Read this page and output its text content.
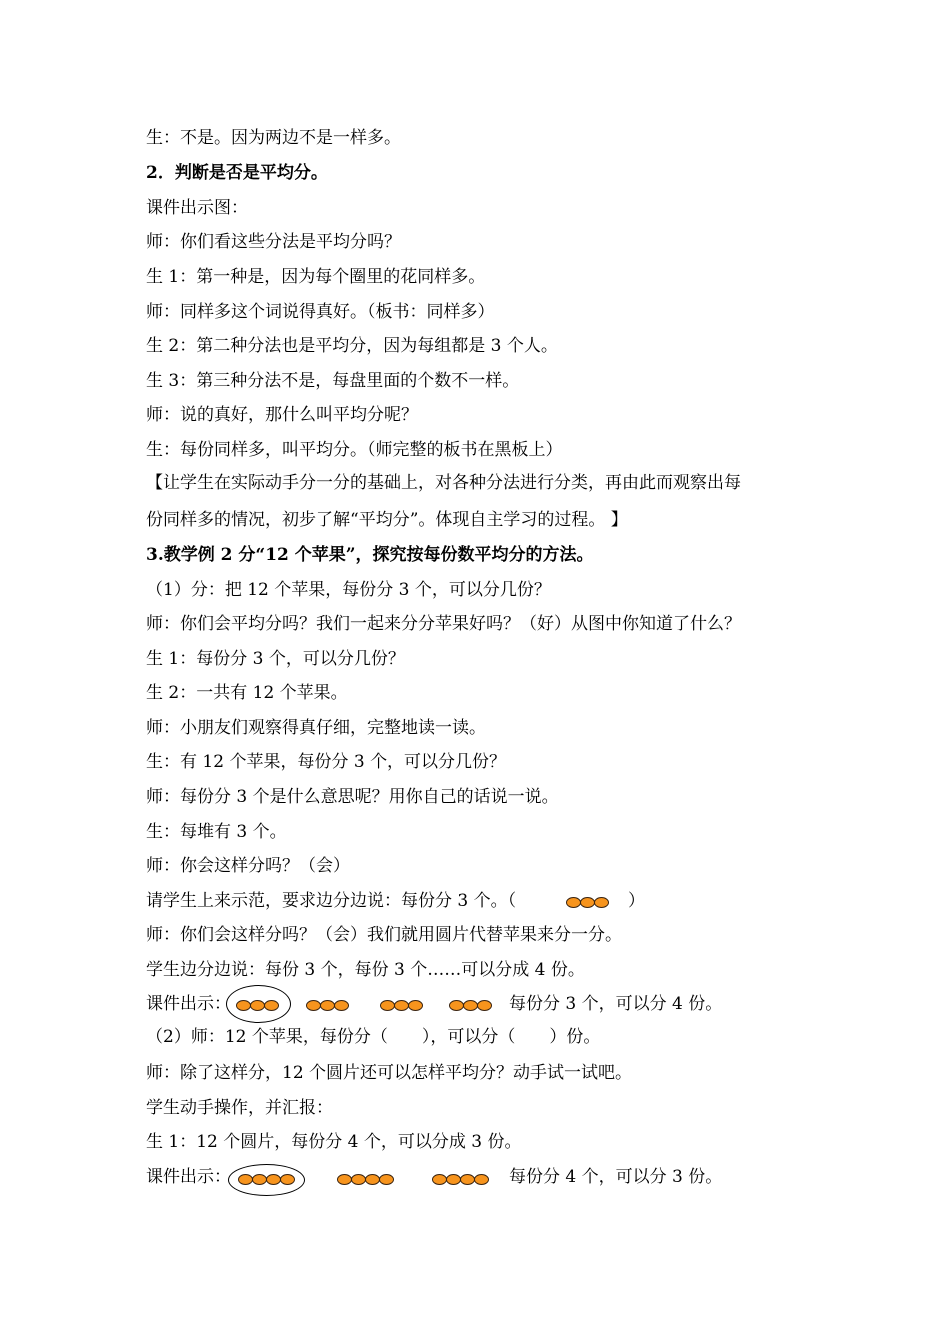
生：不是。因为两边不是一样多。
2．判断是否是平均分。
课件出示图：
师：你们看这些分法是平均分吗？
生 1：第一种是，因为每个圈里的花同样多。
师：同样多这个词说得真好。（板书：同样多）
生 2：第二种分法也是平均分，因为每组都是 3 个人。
生 3：第三种分法不是，每盘里面的个数不一样。
师：说的真好，那什么叫平均分呢？
生：每份同样多，叫平均分。（师完整的板书在黑板上）
【让学生在实际动手分一分的基础上，对各种分法进行分类，再由此而观察出每
份同样多的情况，初步了解“平均分”。体现自主学习的过程。 】
3.教学例 2 分“12 个苹果”，探究按每份数平均分的方法。
（1）分：把 12 个苹果，每份分 3 个，可以分几份？
师：你们会平均分吗？我们一起来分分苹果好吗？（好）从图中你知道了什么？
生 1：每份分 3 个，可以分几份？
生 2：一共有 12 个苹果。
师：小朋友们观察得真仔细，完整地读一读。
生：有 12 个苹果，每份分 3 个，可以分几份？
师：每份分 3 个是什么意思呢？用你自己的话说一说。
生：每堆有 3 个。
师：你会这样分吗？（会）
请学生上来示范，要求边分边说：每份分 3 个。（	）
师：你们会这样分吗？（会）我们就用圆片代替苹果来分一分。
学生边分边说：每份 3 个，每份 3 个……可以分成 4 份。
课件出示：	每份分 3 个，可以分 4 份。
（2）师：12 个苹果，每份分（　　），可以分（　　）份。
师：除了这样分，12 个圆片还可以怎样平均分？动手试一试吧。
学生动手操作，并汇报：
生 1：12 个圆片，每份分 4 个，可以分成 3 份。
课件出示：	每份分 4 个，可以分 3 份。
